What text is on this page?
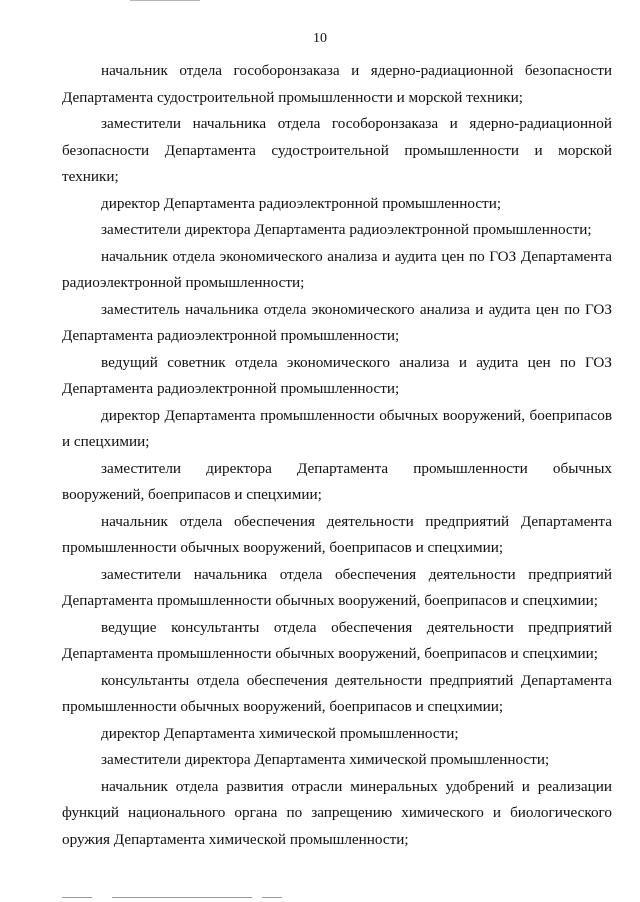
10

начальник отдела гособоронзаказа и ядерно-радиационной безопасности Департамента судостроительной промышленности и морской техники;

заместители начальника отдела гособоронзаказа и ядерно-радиационной безопасности Департамента судостроительной промышленности и морской техники;

директор Департамента радиоэлектронной промышленности;

заместители директора Департамента радиоэлектронной промышленности;

начальник отдела экономического анализа и аудита цен по ГОЗ Департамента радиоэлектронной промышленности;

заместитель начальника отдела экономического анализа и аудита цен по ГОЗ Департамента радиоэлектронной промышленности;

ведущий советник отдела экономического анализа и аудита цен по ГОЗ Департамента радиоэлектронной промышленности;

директор Департамента промышленности обычных вооружений, боеприпасов и спецхимии;

заместители директора Департамента промышленности обычных вооружений, боеприпасов и спецхимии;

начальник отдела обеспечения деятельности предприятий Департамента промышленности обычных вооружений, боеприпасов и спецхимии;

заместители начальника отдела обеспечения деятельности предприятий Департамента промышленности обычных вооружений, боеприпасов и спецхимии;

ведущие консультанты отдела обеспечения деятельности предприятий Департамента промышленности обычных вооружений, боеприпасов и спецхимии;

консультанты отдела обеспечения деятельности предприятий Департамента промышленности обычных вооружений, боеприпасов и спецхимии;

директор Департамента химической промышленности;

заместители директора Департамента химической промышленности;

начальник отдела развития отрасли минеральных удобрений и реализации функций национального органа по запрещению химического и биологического оружия Департамента химической промышленности;
